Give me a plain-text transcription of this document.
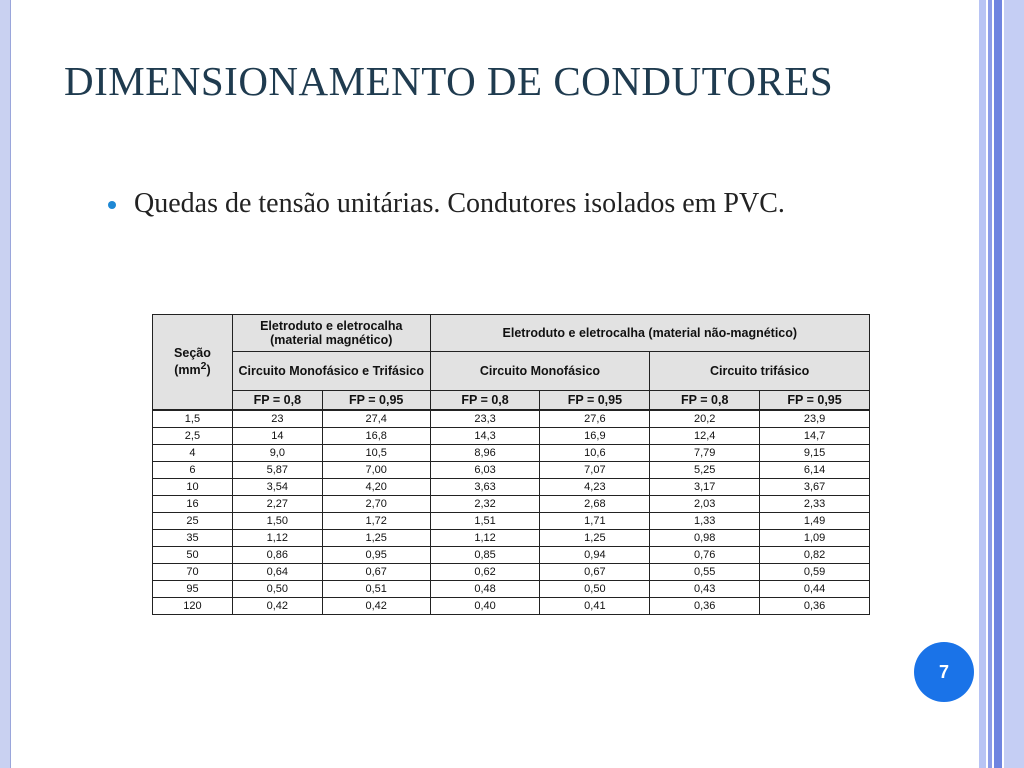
DIMENSIONAMENTO DE CONDUTORES
Quedas de tensão unitárias. Condutores isolados em PVC.
Seção
$(mm^2)$	Eletroduto e eletrocalha (material magnético)		Eletroduto e eletrocalha (material não-magnético)			
	Circuito Monofásico e Trifásico		Circuito Monofásico		Circuito trifásico	
	FP = 0,8	FP = 0,95	FP = 0,8	FP = 0,95	FP = 0,8	FP = 0,95
1,5	23	27,4	23,3	27,6	20,2	23,9
2,5	14	16,8	14,3	16,9	12,4	14,7
4	9,0	10,5	8,96	10,6	7,79	9,15
6	5,87	7,00	6,03	7,07	5,25	6,14
10	3,54	4,20	3,63	4,23	3,17	3,67
16	2,27	2,70	2,32	2,68	2,03	2,33
25	1,50	1,72	1,51	1,71	1,33	1,49
35	1,12	1,25	1,12	1,25	0,98	1,09
50	0,86	0,95	0,85	0,94	0,76	0,82
70	0,64	0,67	0,62	0,67	0,55	0,59
95	0,50	0,51	0,48	0,50	0,43	0,44
120	0,42	0,42	0,40	0,41	0,36	0,36
7
